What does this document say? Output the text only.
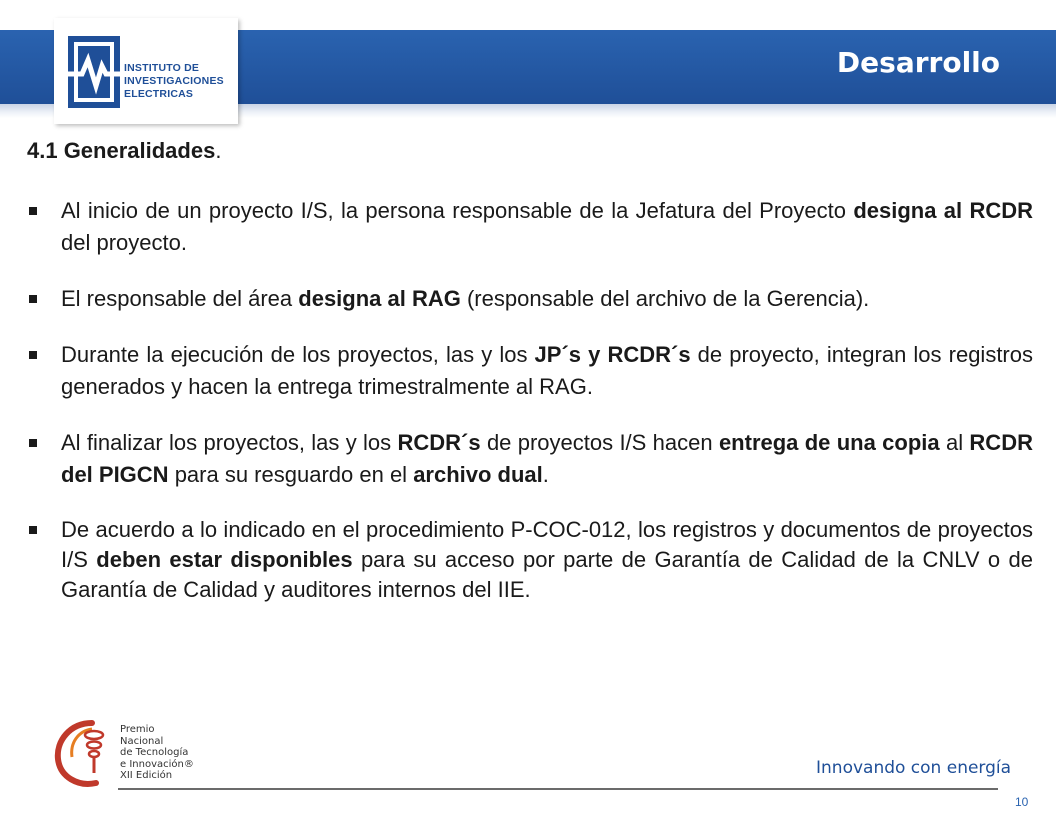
INSTITUTO DE
INVESTIGACIONES
ELECTRICAS
Desarrollo
4.1 Generalidades.
Al inicio de un proyecto I/S, la persona responsable de la Jefatura del Proyecto designa al RCDR del proyecto.
El responsable del área designa al RAG (responsable del archivo de la Gerencia).
Durante la ejecución de los proyectos, las y los JP´s y RCDR´s de proyecto, integran los registros generados y hacen la entrega trimestralmente al RAG.
Al finalizar los proyectos, las y los RCDR´s de proyectos I/S hacen entrega de una copia al RCDR del PIGCN para su resguardo en el archivo dual.
De acuerdo a lo indicado en el procedimiento P-COC-012, los registros y documentos de proyectos I/S deben estar disponibles para su acceso por parte de Garantía de Calidad de la CNLV o de Garantía de Calidad y auditores internos del IIE.
Premio
Nacional
de Tecnología
e Innovación®
XII Edición	Innovando con energía
10
